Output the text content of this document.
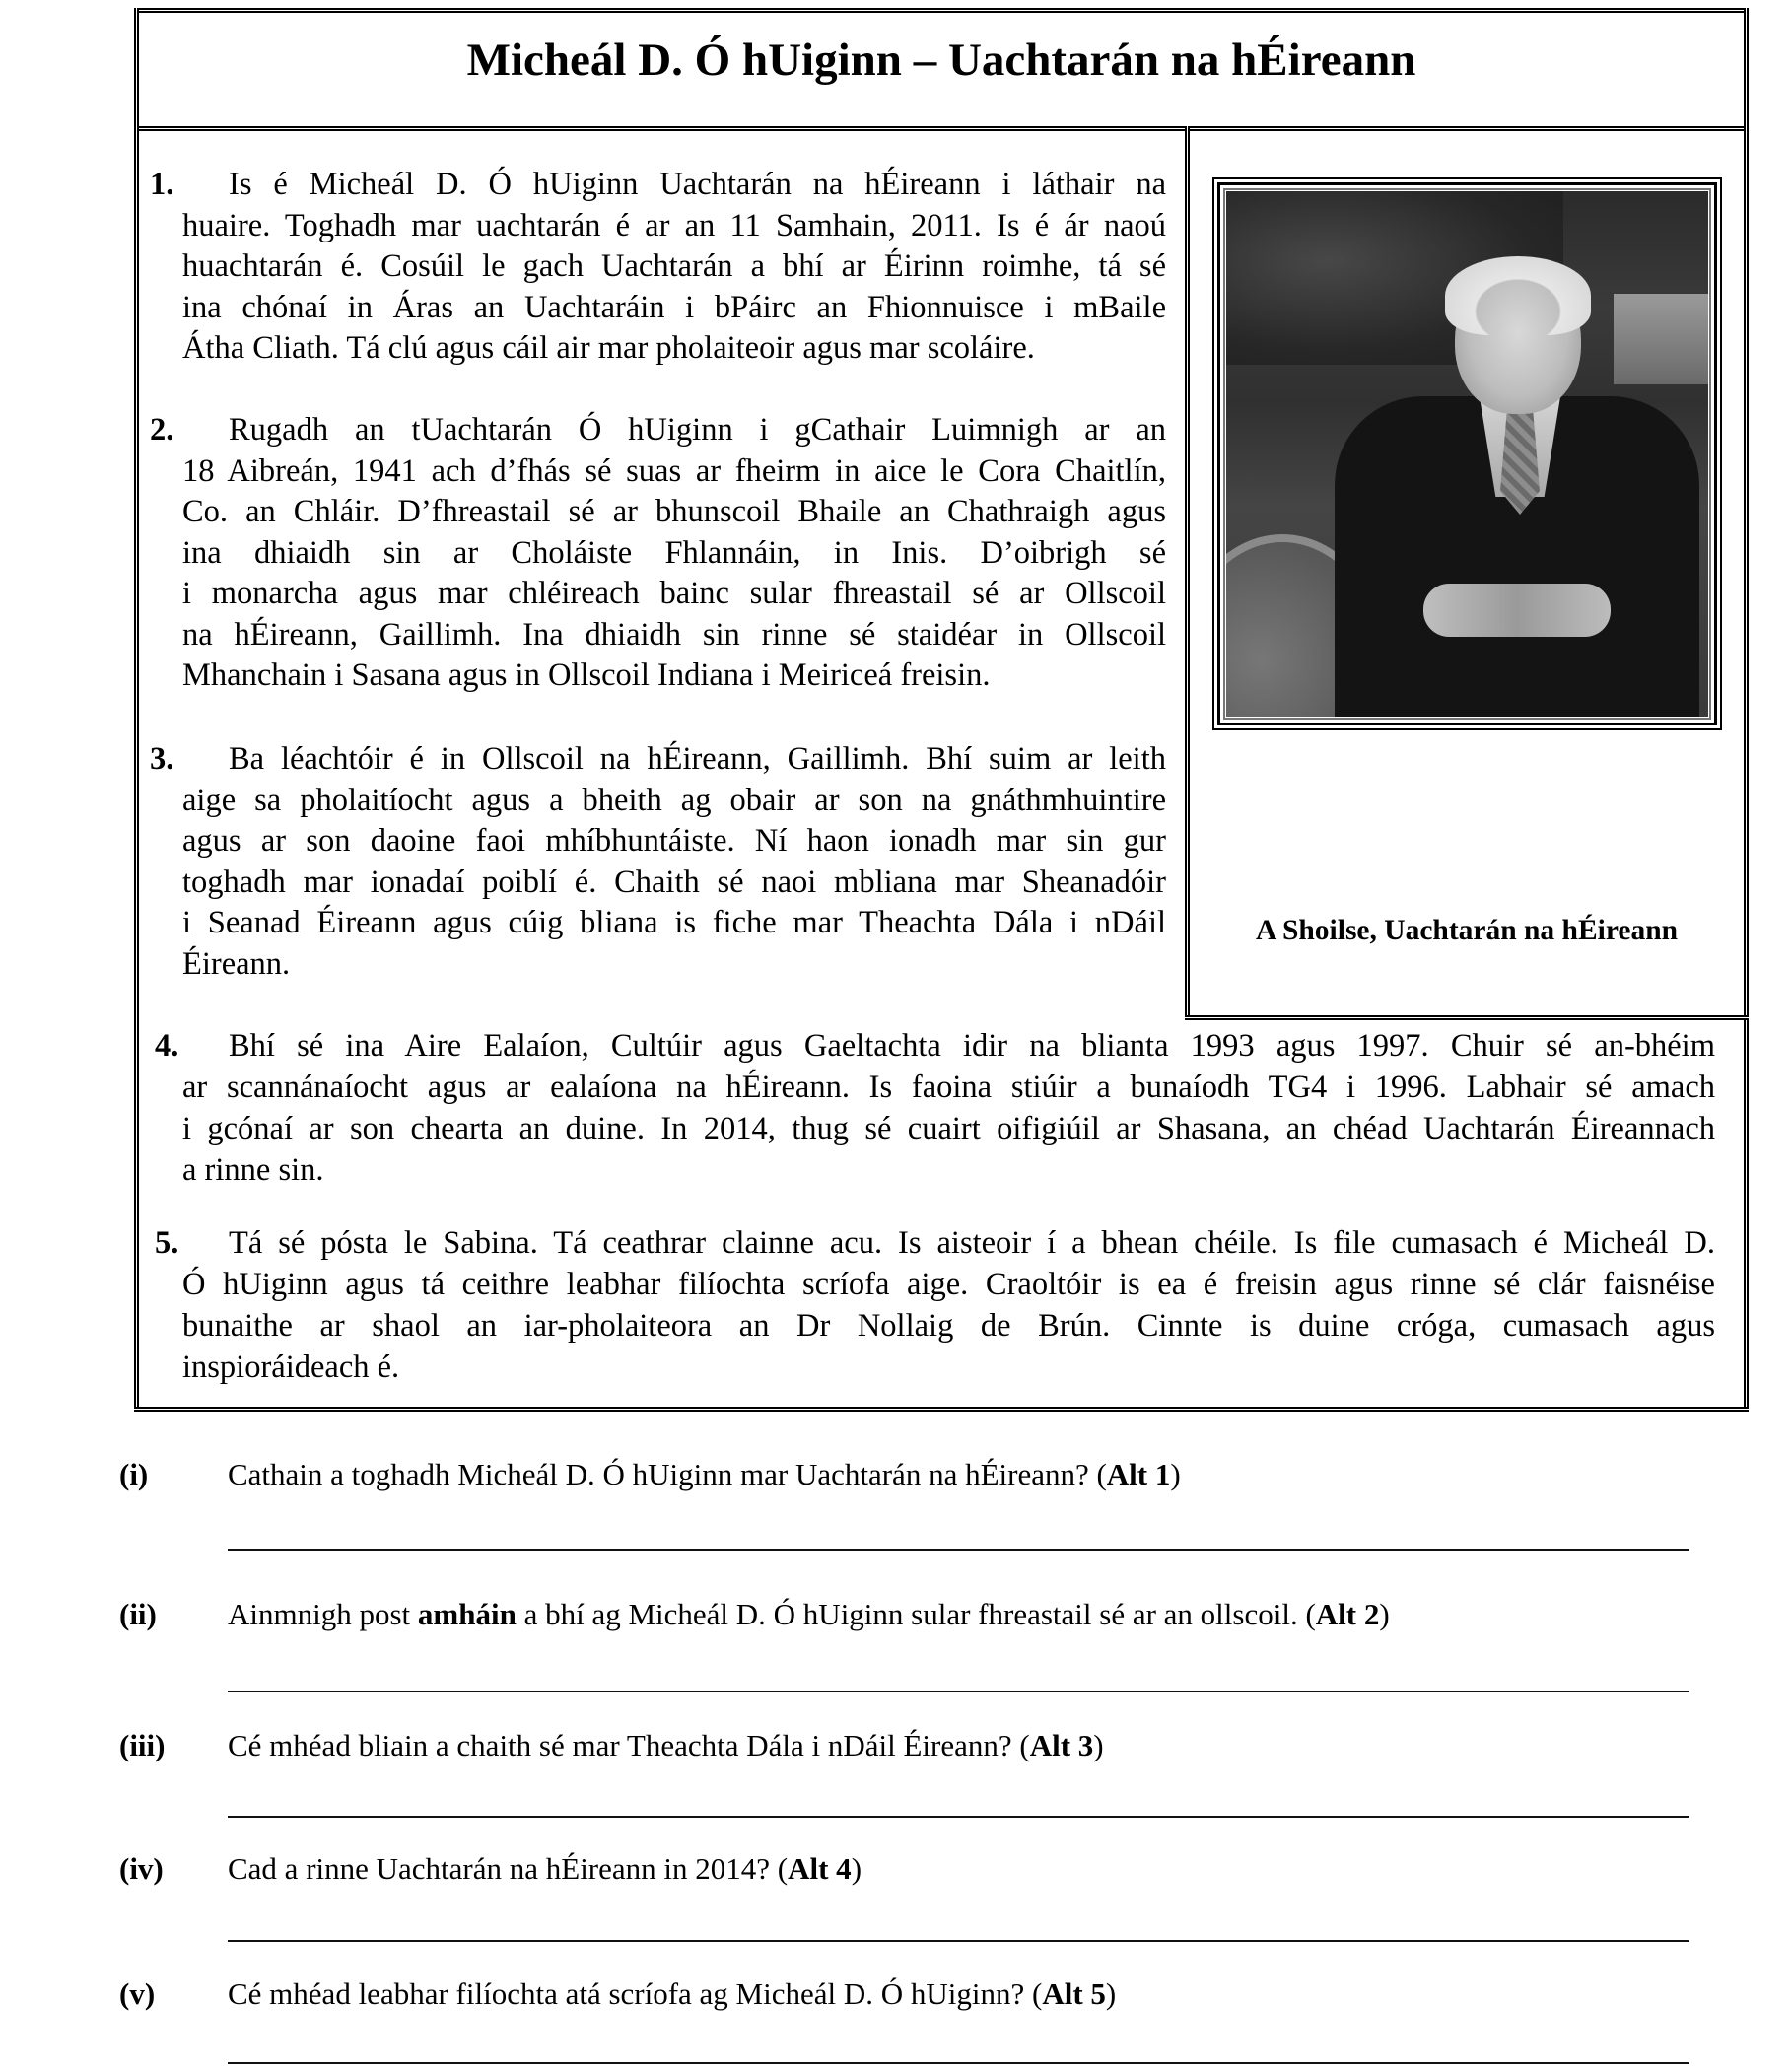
Micheál D. Ó hUiginn – Uachtarán na hÉireann
A Shoilse, Uachtarán na hÉireann
1. Is é Micheál D. Ó hUiginn Uachtarán na hÉireann i láthair na
huaire. Toghadh mar uachtarán é ar an 11 Samhain, 2011. Is é ár naoú
huachtarán é. Cosúil le gach Uachtarán a bhí ar Éirinn roimhe, tá sé
ina chónaí in Áras an Uachtaráin i bPáirc an Fhionnuisce i mBaile
Átha Cliath. Tá clú agus cáil air mar pholaiteoir agus mar scoláire.
2. Rugadh an tUachtarán Ó hUiginn i gCathair Luimnigh ar an
18 Aibreán, 1941 ach d’fhás sé suas ar fheirm in aice le Cora Chaitlín,
Co. an Chláir. D’fhreastail sé ar bhunscoil Bhaile an Chathraigh agus
ina dhiaidh sin ar Choláiste Fhlannáin, in Inis. D’oibrigh sé
i monarcha agus mar chléireach bainc sular fhreastail sé ar Ollscoil
na hÉireann, Gaillimh. Ina dhiaidh sin rinne sé staidéar in Ollscoil
Mhanchain i Sasana agus in Ollscoil Indiana i Meiriceá freisin.
3. Ba léachtóir é in Ollscoil na hÉireann, Gaillimh. Bhí suim ar leith
aige sa pholaitíocht agus a bheith ag obair ar son na gnáthmhuintire
agus ar son daoine faoi mhíbhuntáiste. Ní haon ionadh mar sin gur
toghadh mar ionadaí poiblí é. Chaith sé naoi mbliana mar Sheanadóir
i Seanad Éireann agus cúig bliana is fiche mar Theachta Dála i nDáil
Éireann.
4. Bhí sé ina Aire Ealaíon, Cultúir agus Gaeltachta idir na blianta 1993 agus 1997. Chuir sé an-bhéim
ar scannánaíocht agus ar ealaíona na hÉireann. Is faoina stiúir a bunaíodh TG4 i 1996. Labhair sé amach
i gcónaí ar son chearta an duine. In 2014, thug sé cuairt oifigiúil ar Shasana, an chéad Uachtarán Éireannach
a rinne sin.
5. Tá sé pósta le Sabina. Tá ceathrar clainne acu. Is aisteoir í a bhean chéile. Is file cumasach é Micheál D.
Ó hUiginn agus tá ceithre leabhar filíochta scríofa aige. Craoltóir is ea é freisin agus rinne sé clár faisnéise
bunaithe ar shaol an iar-pholaiteora an Dr Nollaig de Brún. Cinnte is duine cróga, cumasach agus
inspioráideach é.
(i)	Cathain a toghadh Micheál D. Ó hUiginn mar Uachtarán na hÉireann? (Alt 1)
(ii) Ainmnigh post amháin a bhí ag Micheál D. Ó hUiginn sular fhreastail sé ar an ollscoil. (Alt 2)
(iii) Cé mhéad bliain a chaith sé mar Theachta Dála i nDáil Éireann? (Alt 3)
(iv) Cad a rinne Uachtarán na hÉireann in 2014? (Alt 4)
(v) Cé mhéad leabhar filíochta atá scríofa ag Micheál D. Ó hUiginn? (Alt 5)
